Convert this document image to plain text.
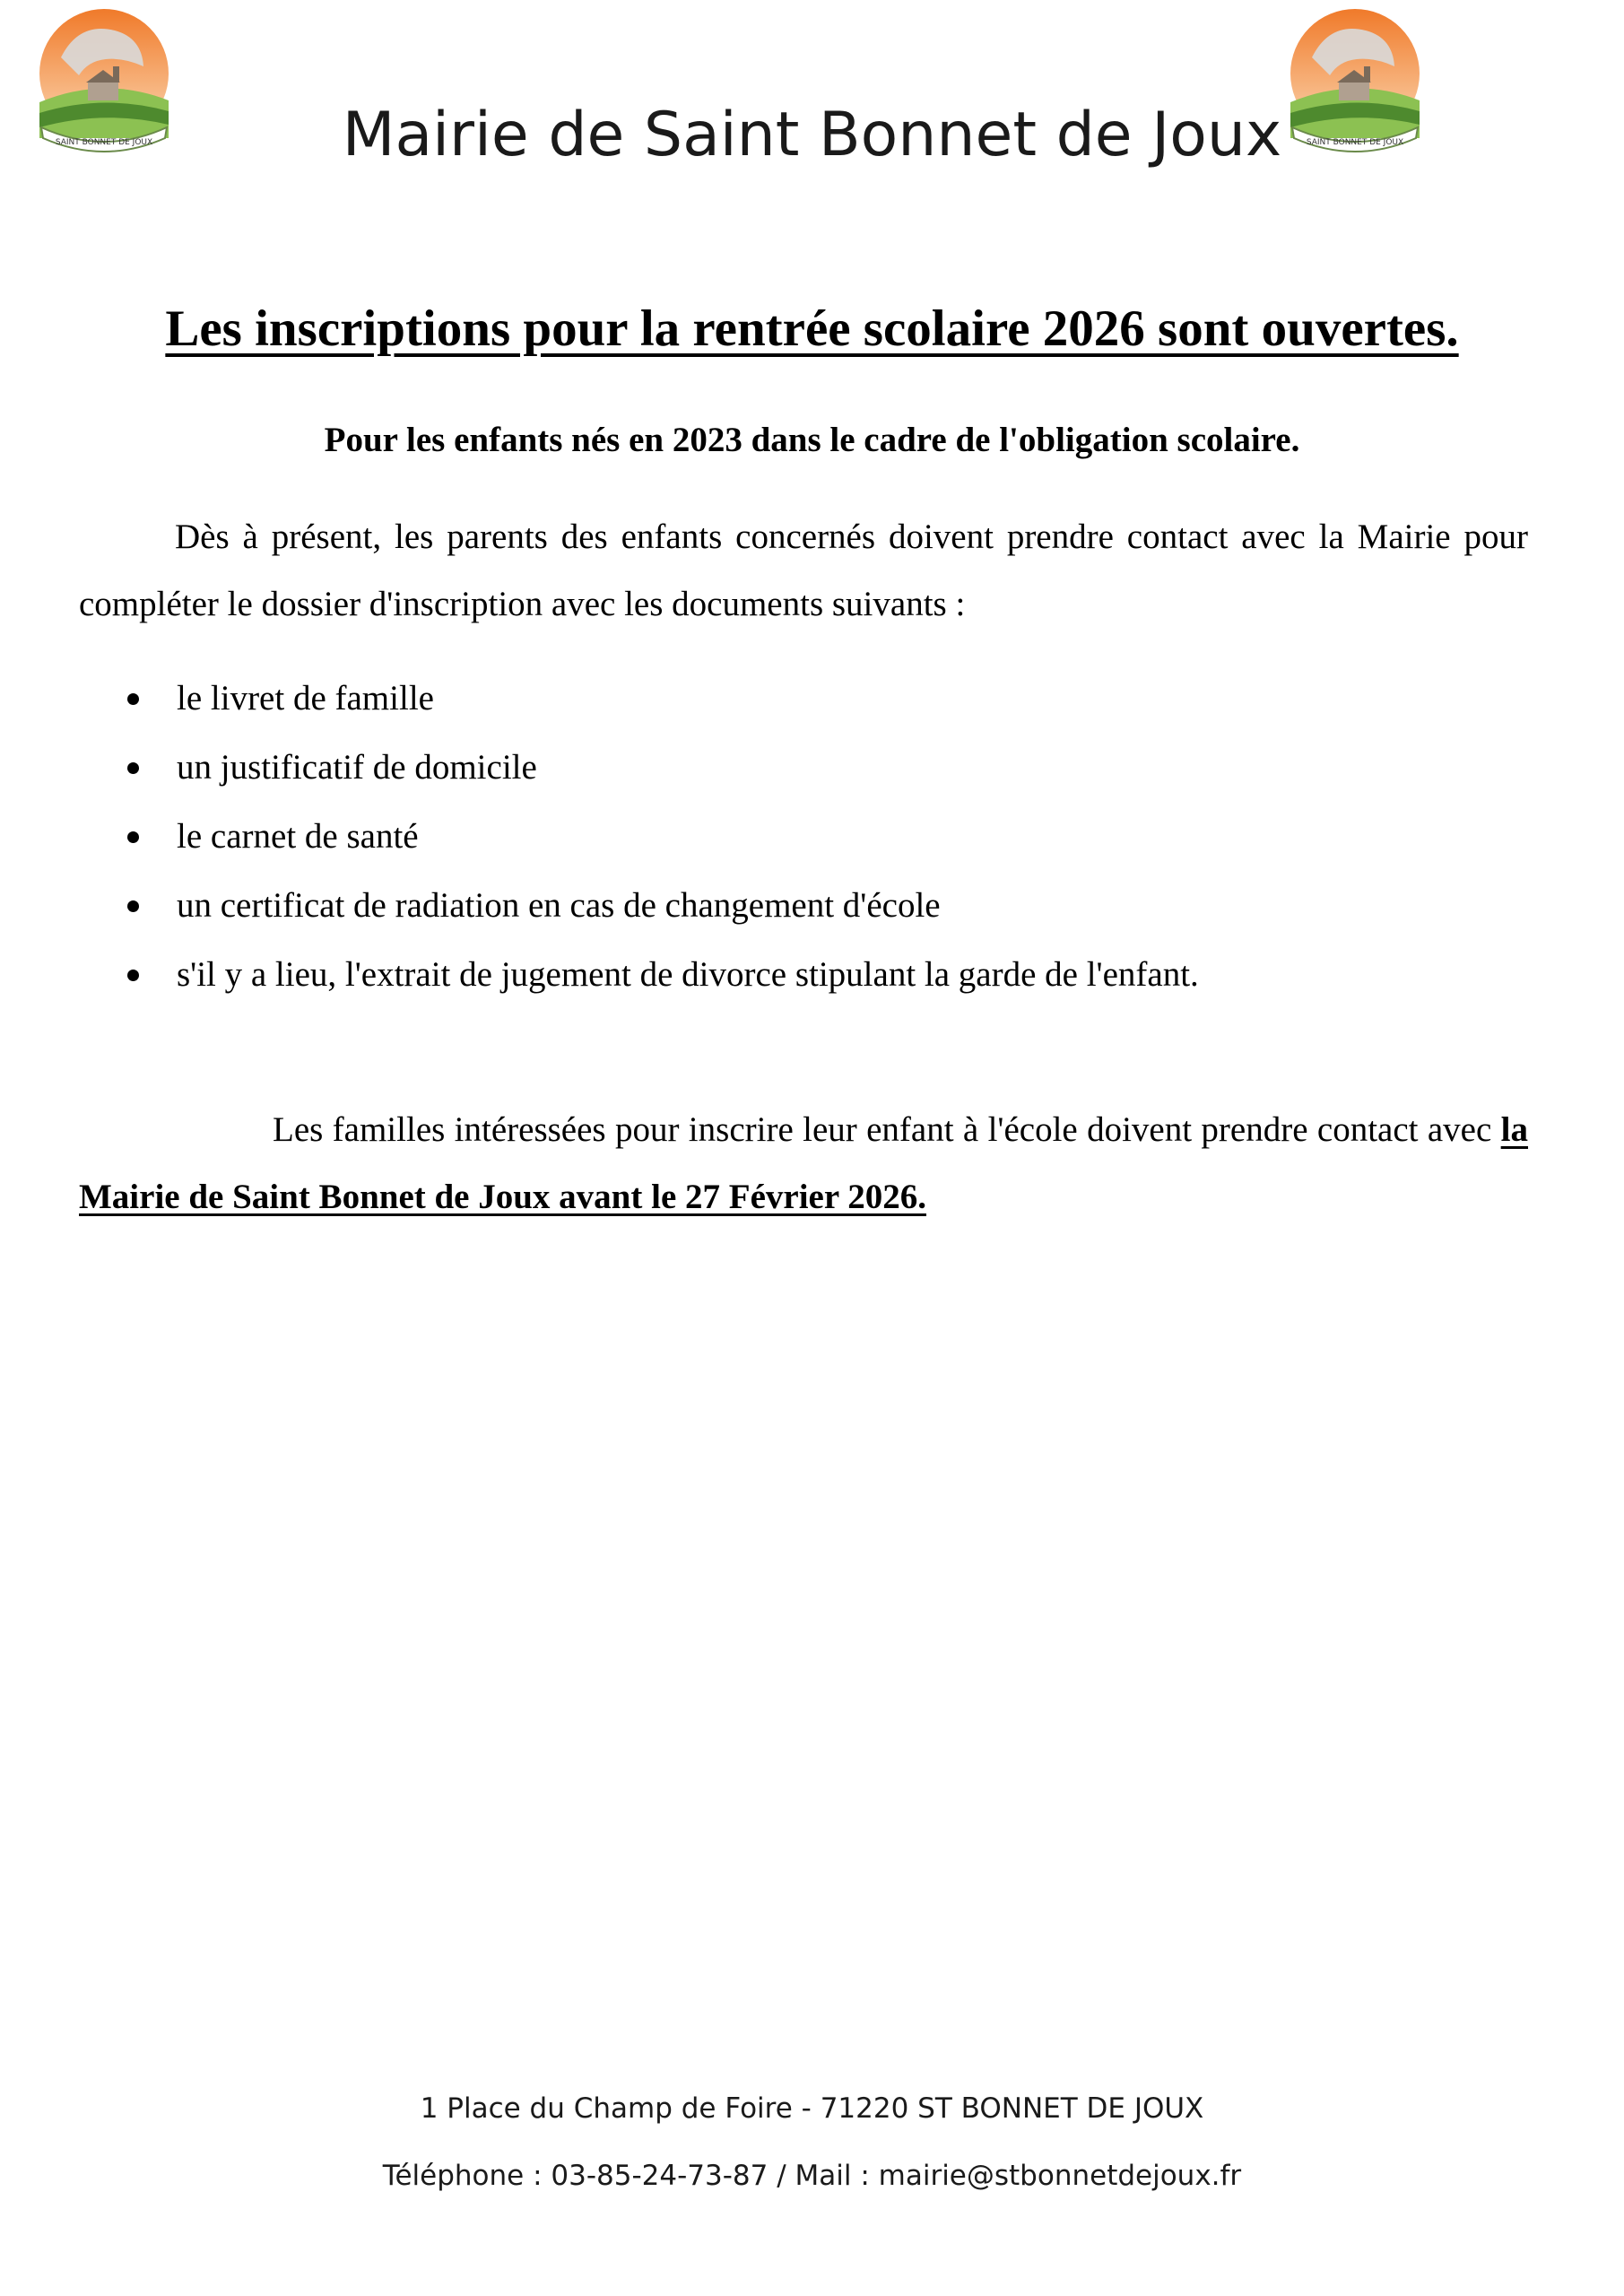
SAINT BONNET DE JOUX	SAINT BONNET DE JOUX
Mairie de Saint Bonnet de Joux
Les inscriptions pour la rentrée scolaire 2026 sont ouvertes.
Pour les enfants nés en 2023 dans le cadre de l'obligation scolaire.

Dès à présent, les parents des enfants concernés doivent prendre contact avec la Mairie pour compléter le dossier d'inscription avec les documents suivants :

le livret de famille
un justificatif de domicile
le carnet de santé
un certificat de radiation en cas de changement d'école
s'il y a lieu, l'extrait de jugement de divorce stipulant la garde de l'enfant.

Les familles intéressées pour inscrire leur enfant à l'école doivent prendre contact avec la Mairie de Saint Bonnet de Joux avant le 27 Février 2026.

1 Place du Champ de Foire - 71220 ST BONNET DE JOUX
Téléphone : 03-85-24-73-87 / Mail : mairie@stbonnetdejoux.fr
